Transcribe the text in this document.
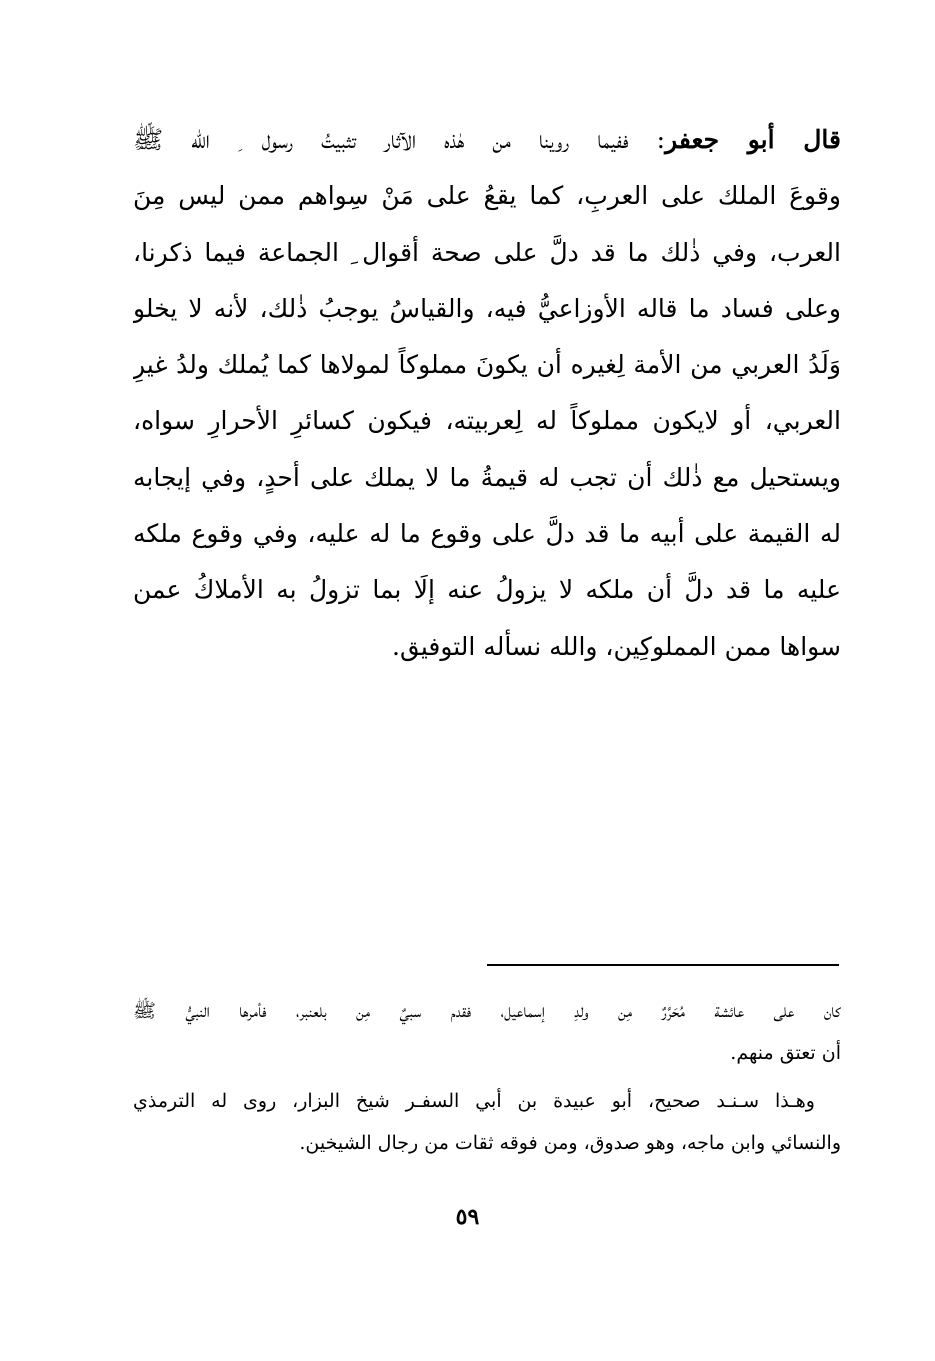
قال أبو جعفر: ففيما روينا من هٰذه الآثار تثبيتُ رسول ِ الله ﷺ
وقوعَ الملك على العربِ، كما يقعُ على مَنْ سِواهم ممن ليس مِنَ
العرب، وفي ذٰلك ما قد دلَّ على صحة أقوال ِ الجماعة فيما ذكرنا،
وعلى فساد ما قاله الأوزاعيُّ فيه، والقياسُ يوجبُ ذٰلك، لأنه لا يخلو
وَلَدُ العربي من الأمة لِغيره أن يكونَ مملوكاً لمولاها كما يُملك ولدُ غيرِ
العربي، أو لايكون مملوكاً له لِعربيته، فيكون كسائرِ الأحرارِ سواه،
ويستحيل مع ذٰلك أن تجب له قيمةُ ما لا يملك على أحدٍ، وفي إيجابه
له القيمة على أبيه ما قد دلَّ على وقوع ما له عليه، وفي وقوع ملكه
عليه ما قد دلَّ أن ملكه لا يزولُ عنه إلَا بما تزولُ به الأملاكُ عمن
سواها ممن المملوكِين، والله نسأله التوفيق.
كان على عائشة مُحَرَّرٌ مِن ولدِ إسماعيل، فقدم سبيٌ مِن بلعنبر، فأمرها النبيُّ ﷺ
أن تعتق منهم.
وهـذا سـنـد صحيح، أبو عبيدة بن أبي السفـر شيخ البزار، روى له الترمذي
والنسائي وابن ماجه، وهو صدوق، ومن فوقه ثقات من رجال الشيخين.
٥٩
